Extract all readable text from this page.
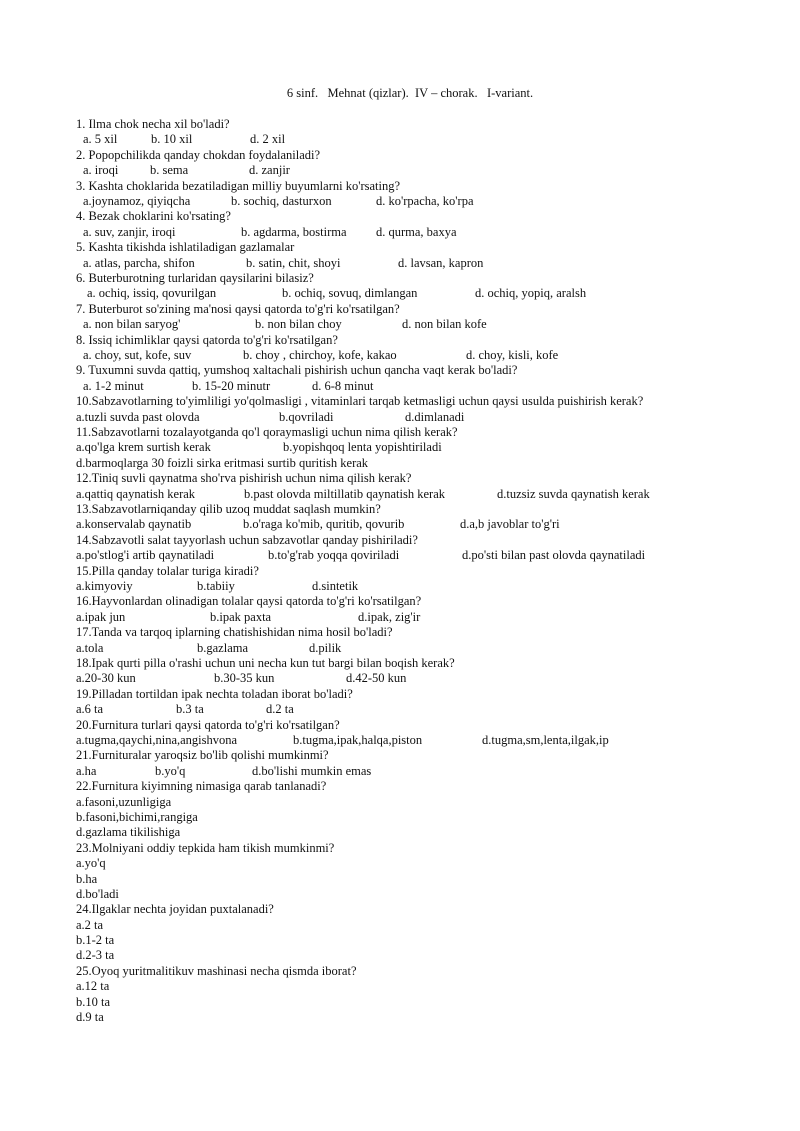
6 sinf.   Mehnat (qizlar).  IV – chorak.   I-variant.
1. Ilma chok necha xil bo'ladi?
a. 5 xil	b. 10 xil	d. 2 xil
2. Popopchilikda qanday chokdan foydalaniladi?
a. iroqi	b. sema	d. zanjir
3. Kashta choklarida bezatiladigan milliy buyumlarni ko'rsating?
a.joynamoz, qiyiqcha	b. sochiq, dasturxon	d. ko'rpacha, ko'rpa
4. Bezak choklarini ko'rsating?
a. suv, zanjir, iroqi	b. agdarma, bostirma d. qurma, baxya
5. Kashta tikishda ishlatiladigan gazlamalar
a. atlas, parcha, shifon	b. satin, chit, shoyi	d. lavsan, kapron
6. Buterburotning turlaridan qaysilarini bilasiz?
a. ochiq, issiq, qovurilgan	b. ochiq, sovuq, dimlangan	d. ochiq, yopiq, aralsh
7. Buterburot so'zining ma'nosi qaysi qatorda to'g'ri ko'rsatilgan?
a. non bilan saryog'	b. non bilan choy	d. non bilan kofe
8. Issiq ichimliklar qaysi qatorda to'g'ri ko'rsatilgan?
a. choy, sut, kofe, suv	b. choy , chirchoy, kofe, kakao	d. choy, kisli, kofe
9. Tuxumni suvda qattiq, yumshoq xaltachali pishirish uchun qancha vaqt kerak bo'ladi?
a. 1-2 minut	b. 15-20 minutr	d. 6-8 minut
10.Sabzavotlarning to'yimliligi yo'qolmasligi , vitaminlari tarqab ketmasligi uchun qaysi usulda puishirish kerak?
a.tuzli suvda past olovda	b.qovriladi	d.dimlanadi
11.Sabzavotlarni tozalayotganda qo'l qoraymasligi uchun nima qilish kerak?
a.qo'lga krem surtish kerak	b.yopishqoq lenta yopishtiriladi
d.barmoqlarga 30 foizli sirka eritmasi surtib quritish kerak
12.Tiniq suvli qaynatma sho'rva pishirish uchun nima qilish kerak?
a.qattiq qaynatish kerak	b.past olovda miltillatib qaynatish kerak	d.tuzsiz suvda qaynatish kerak
13.Sabzavotlarniqanday qilib uzoq muddat saqlash mumkin?
a.konservalab qaynatib	b.o'raga ko'mib, quritib, qovurib	d.a,b javoblar to'g'ri
14.Sabzavotli salat tayyorlash uchun sabzavotlar qanday pishiriladi?
a.po'stlog'i artib qaynatiladi	b.to'g'rab yoqqa qoviriladi	d.po'sti bilan past olovda qaynatiladi
15.Pilla qanday tolalar turiga kiradi?
a.kimyoviy	b.tabiiy	d.sintetik
16.Hayvonlardan olinadigan tolalar qaysi qatorda to'g'ri ko'rsatilgan?
a.ipak jun	b.ipak paxta	d.ipak, zig'ir
17.Tanda va tarqoq iplarning chatishishidan nima hosil bo'ladi?
a.tola	b.gazlama	d.pilik
18.Ipak qurti pilla o'rashi uchun uni necha kun tut bargi bilan boqish kerak?
a.20-30 kun	b.30-35 kun	d.42-50 kun
19.Pilladan tortildan ipak nechta toladan iborat bo'ladi?
a.6 ta	b.3 ta	d.2 ta
20.Furnitura turlari qaysi qatorda to'g'ri ko'rsatilgan?
a.tugma,qaychi,nina,angishvona	b.tugma,ipak,halqa,piston	d.tugma,sm,lenta,ilgak,ip
21.Furnituralar yaroqsiz bo'lib qolishi mumkinmi?
a.ha	b.yo'q	d.bo'lishi mumkin emas
22.Furnitura kiyimning nimasiga qarab tanlanadi?
a.fasoni,uzunligiga
b.fasoni,bichimi,rangiga
d.gazlama tikilishiga
23.Molniyani oddiy tepkida ham tikish mumkinmi?
a.yo'q
b.ha
d.bo'ladi
24.Ilgaklar nechta joyidan puxtalanadi?
a.2 ta
b.1-2 ta
d.2-3 ta
25.Oyoq yuritmalitikuv mashinasi necha qismda iborat?
a.12 ta
b.10 ta
d.9 ta
